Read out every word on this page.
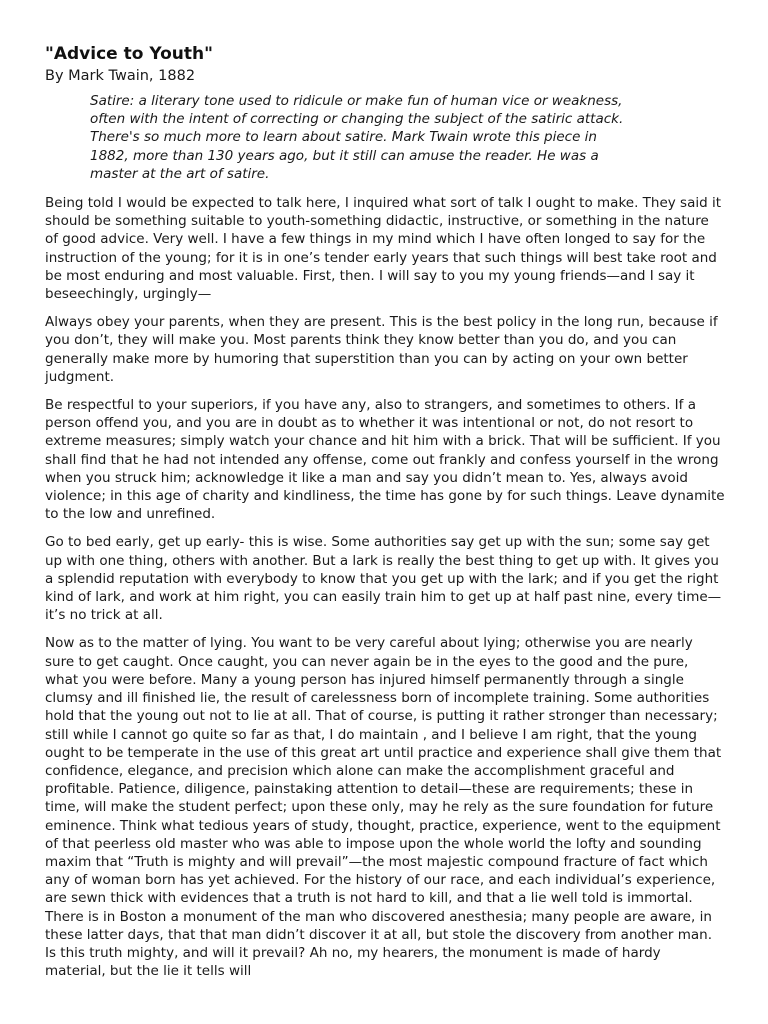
"Advice to Youth"

By Mark Twain, 1882

Satire: a literary tone used to ridicule or make fun of human vice or weakness, often with the intent of correcting or changing the subject of the satiric attack. There's so much more to learn about satire. Mark Twain wrote this piece in 1882, more than 130 years ago, but it still can amuse the reader. He was a master at the art of satire.

Being told I would be expected to talk here, I inquired what sort of talk I ought to make. They said it should be something suitable to youth-something didactic, instructive, or something in the nature of good advice. Very well. I have a few things in my mind which I have often longed to say for the instruction of the young; for it is in one’s tender early years that such things will best take root and be most enduring and most valuable. First, then. I will say to you my young friends—and I say it beseechingly, urgingly—

Always obey your parents, when they are present. This is the best policy in the long run, because if you don’t, they will make you. Most parents think they know better than you do, and you can generally make more by humoring that superstition than you can by acting on your own better judgment.

Be respectful to your superiors, if you have any, also to strangers, and sometimes to others. If a person offend you, and you are in doubt as to whether it was intentional or not, do not resort to extreme measures; simply watch your chance and hit him with a brick. That will be sufficient. If you shall find that he had not intended any offense, come out frankly and confess yourself in the wrong when you struck him; acknowledge it like a man and say you didn’t mean to. Yes, always avoid violence; in this age of charity and kindliness, the time has gone by for such things. Leave dynamite to the low and unrefined.

Go to bed early, get up early- this is wise. Some authorities say get up with the sun; some say get up with one thing, others with another. But a lark is really the best thing to get up with. It gives you a splendid reputation with everybody to know that you get up with the lark; and if you get the right kind of lark, and work at him right, you can easily train him to get up at half past nine, every time—it’s no trick at all.

Now as to the matter of lying. You want to be very careful about lying; otherwise you are nearly sure to get caught. Once caught, you can never again be in the eyes to the good and the pure, what you were before. Many a young person has injured himself permanently through a single clumsy and ill finished lie, the result of carelessness born of incomplete training. Some authorities hold that the young out not to lie at all. That of course, is putting it rather stronger than necessary; still while I cannot go quite so far as that, I do maintain , and I believe I am right, that the young ought to be temperate in the use of this great art until practice and experience shall give them that confidence, elegance, and precision which alone can make the accomplishment graceful and profitable. Patience, diligence, painstaking attention to detail—these are requirements; these in time, will make the student perfect; upon these only, may he rely as the sure foundation for future eminence. Think what tedious years of study, thought, practice, experience, went to the equipment of that peerless old master who was able to impose upon the whole world the lofty and sounding maxim that “Truth is mighty and will prevail”—the most majestic compound fracture of fact which any of woman born has yet achieved. For the history of our race, and each individual’s experience, are sewn thick with evidences that a truth is not hard to kill, and that a lie well told is immortal. There is in Boston a monument of the man who discovered anesthesia; many people are aware, in these latter days, that that man didn’t discover it at all, but stole the discovery from another man. Is this truth mighty, and will it prevail? Ah no, my hearers, the monument is made of hardy material, but the lie it tells will
